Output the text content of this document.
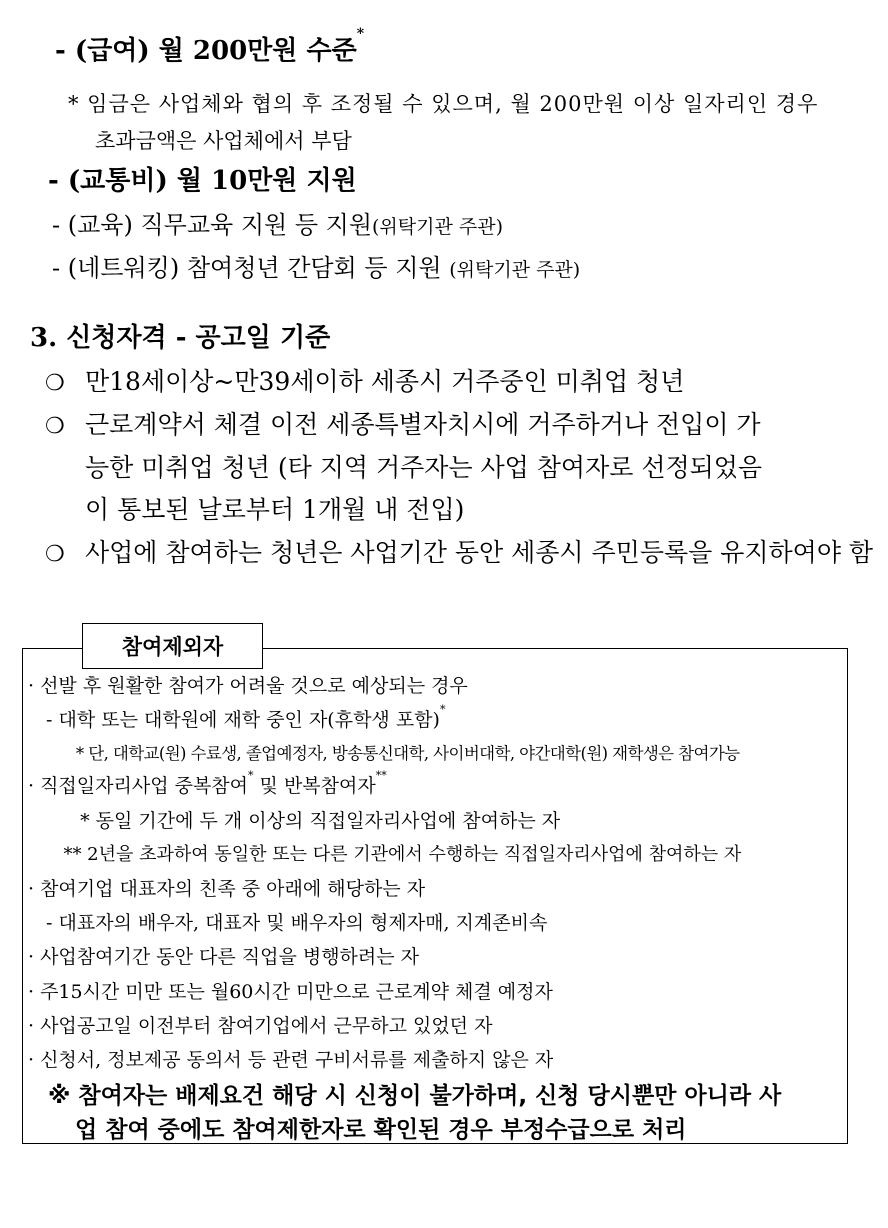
- (급여) 월 200만원 수준*
* 임금은 사업체와 협의 후 조정될 수 있으며, 월 200만원 이상 일자리인 경우
초과금액은 사업체에서 부담
- (교통비) 월 10만원 지원
- (교육) 직무교육 지원 등 지원(위탁기관 주관)
- (네트워킹) 참여청년 간담회 등 지원 (위탁기관 주관)
3. 신청자격 - 공고일 기준
❍ 만18세이상~만39세이하 세종시 거주중인 미취업 청년
❍ 근로계약서 체결 이전 세종특별자치시에 거주하거나 전입이 가
능한 미취업 청년 (타 지역 거주자는 사업 참여자로 선정되었음
이 통보된 날로부터 1개월 내 전입)
❍ 사업에 참여하는 청년은 사업기간 동안 세종시 주민등록을 유지하여야 함
참여제외자
· 선발 후 원활한 참여가 어려울 것으로 예상되는 경우
- 대학 또는 대학원에 재학 중인 자(휴학생 포함)*
* 단, 대학교(원) 수료생, 졸업예정자, 방송통신대학, 사이버대학, 야간대학(원) 재학생은 참여가능
· 직접일자리사업 중복참여* 및 반복참여자**
* 동일 기간에 두 개 이상의 직접일자리사업에 참여하는 자
** 2년을 초과하여 동일한 또는 다른 기관에서 수행하는 직접일자리사업에 참여하는 자
· 참여기업 대표자의 친족 중 아래에 해당하는 자
- 대표자의 배우자, 대표자 및 배우자의 형제자매, 지계존비속
· 사업참여기간 동안 다른 직업을 병행하려는 자
· 주15시간 미만 또는 월60시간 미만으로 근로계약 체결 예정자
· 사업공고일 이전부터 참여기업에서 근무하고 있었던 자
· 신청서, 정보제공 동의서 등 관련 구비서류를 제출하지 않은 자
※ 참여자는 배제요건 해당 시 신청이 불가하며, 신청 당시뿐만 아니라 사
업 참여 중에도 참여제한자로 확인된 경우 부정수급으로 처리
